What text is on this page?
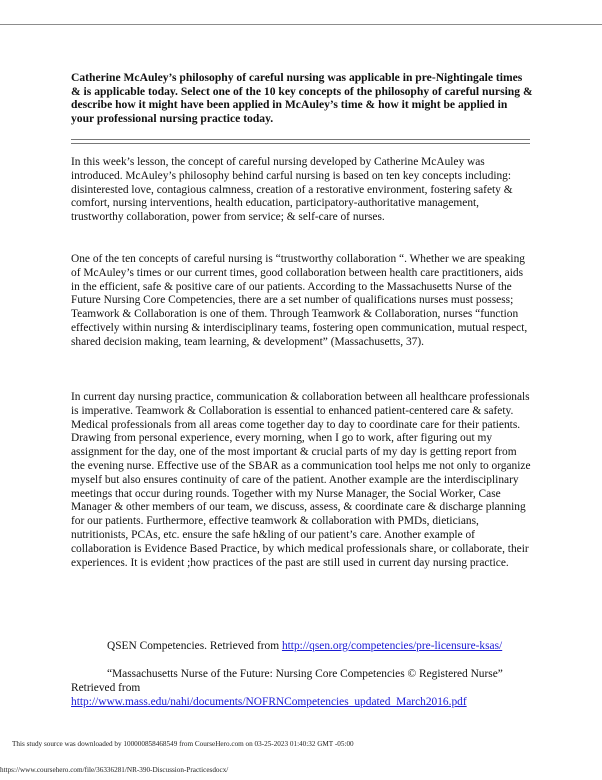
Catherine McAuley’s philosophy of careful nursing was applicable in pre-Nightingale times & is applicable today. Select one of the 10 key concepts of the philosophy of careful nursing & describe how it might have been applied in McAuley’s time & how it might be applied in your professional nursing practice today.

In this week’s lesson, the concept of careful nursing developed by Catherine McAuley was introduced. McAuley’s philosophy behind carful nursing is based on ten key concepts including: disinterested love, contagious calmness, creation of a restorative environment, fostering safety & comfort, nursing interventions, health education, participatory-authoritative management, trustworthy collaboration, power from service; & self-care of nurses.

One of the ten concepts of careful nursing is “trustworthy collaboration “. Whether we are speaking of McAuley’s times or our current times, good collaboration between health care practitioners, aids in the efficient, safe & positive care of our patients. According to the Massachusetts Nurse of the Future Nursing Core Competencies, there are a set number of qualifications nurses must possess; Teamwork & Collaboration is one of them. Through Teamwork & Collaboration, nurses “function effectively within nursing & interdisciplinary teams, fostering open communication, mutual respect, shared decision making, team learning, & development” (Massachusetts, 37).

In current day nursing practice, communication & collaboration between all healthcare professionals is imperative. Teamwork & Collaboration is essential to enhanced patient-centered care & safety. Medical professionals from all areas come together day to day to coordinate care for their patients. Drawing from personal experience, every morning, when I go to work, after figuring out my assignment for the day, one of the most important & crucial parts of my day is getting report from the evening nurse. Effective use of the SBAR as a communication tool helps me not only to organize myself but also ensures continuity of care of the patient. Another example are the interdisciplinary meetings that occur during rounds. Together with my Nurse Manager, the Social Worker, Case Manager & other members of our team, we discuss, assess, & coordinate care & discharge planning for our patients. Furthermore, effective teamwork & collaboration with PMDs, dieticians, nutritionists, PCAs, etc. ensure the safe h&ling of our patient’s care. Another example of collaboration is Evidence Based Practice, by which medical professionals share, or collaborate, their experiences. It is evident ;how practices of the past are still used in current day nursing practice.

QSEN Competencies. Retrieved from http://qsen.org/competencies/pre-licensure-ksas/
“Massachusetts Nurse of the Future: Nursing Core Competencies © Registered Nurse”
Retrieved from
http://www.mass.edu/nahi/documents/NOFRNCompetencies_updated_March2016.pdf
This study source was downloaded by 100000858468549 from CourseHero.com on 03-25-2023 01:40:32 GMT -05:00
https://www.coursehero.com/file/36336281/NR-390-Discussion-Practicesdocx/
